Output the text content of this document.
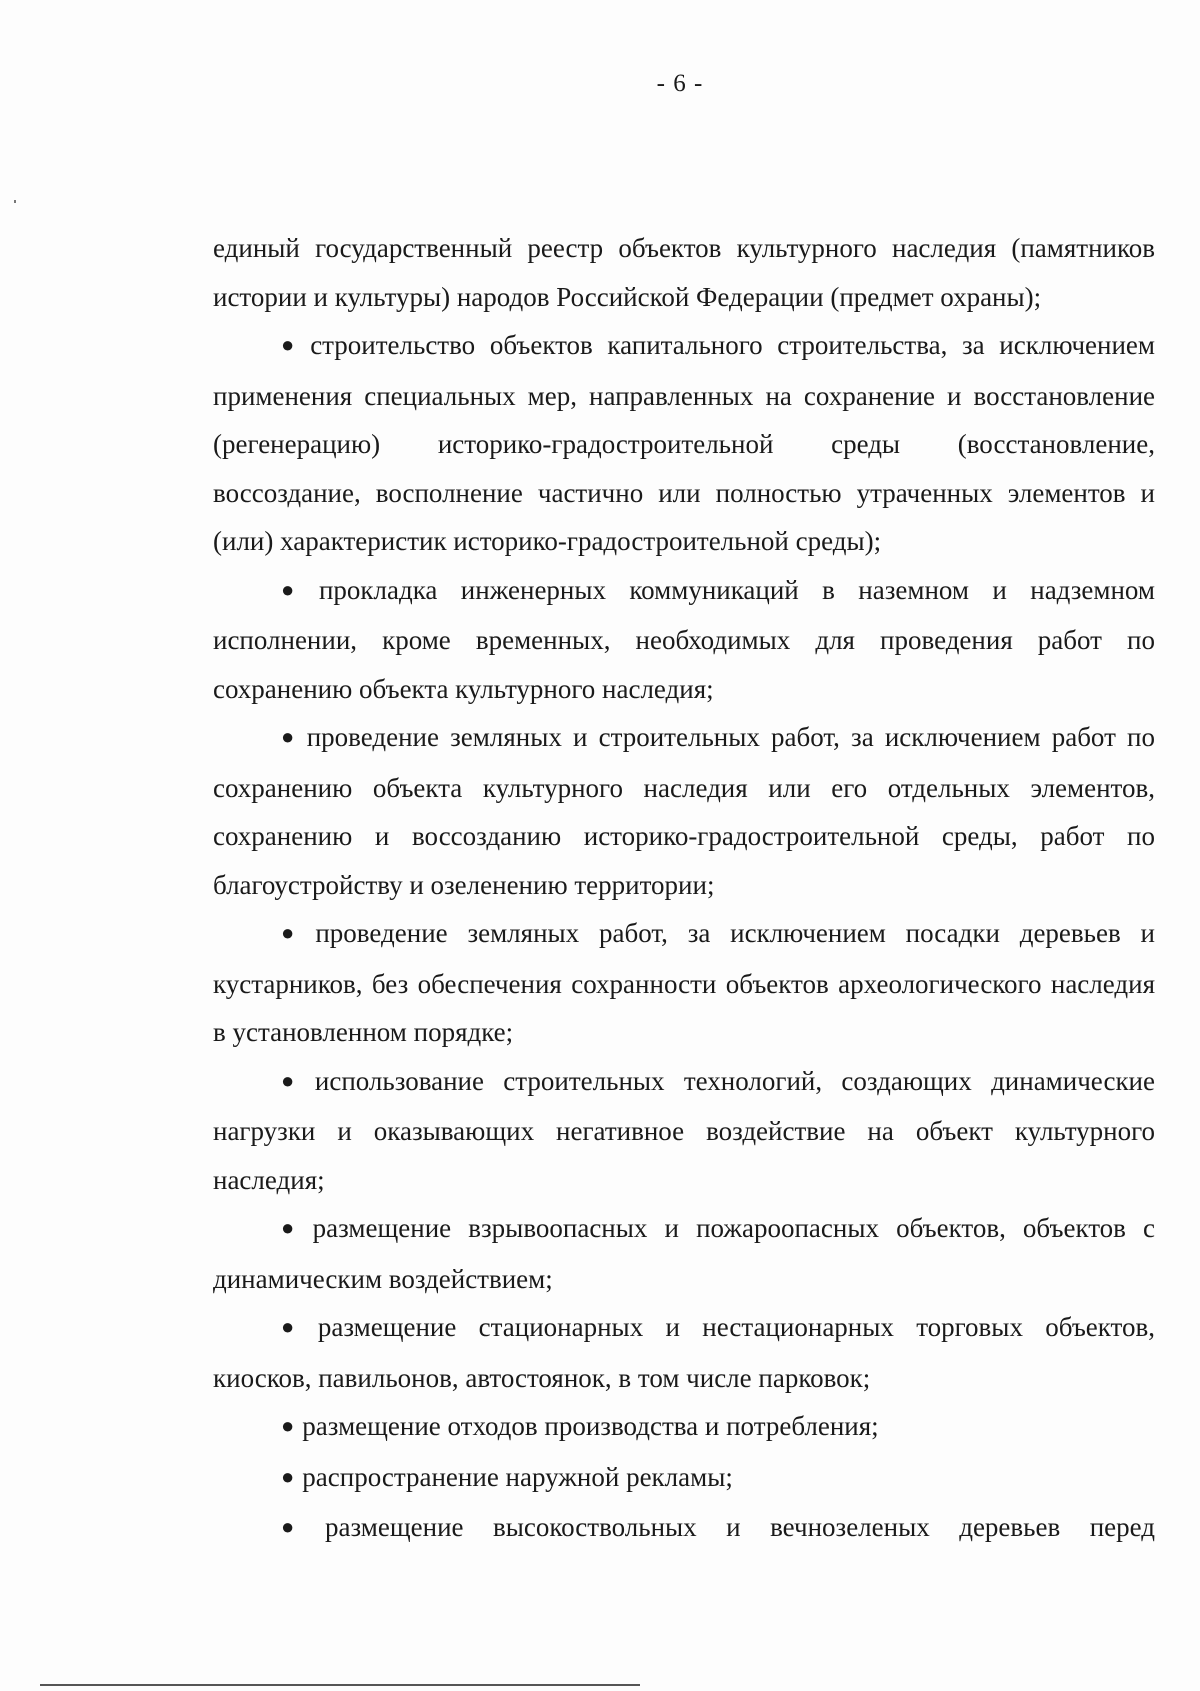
- 6 -

единый государственный реестр объектов культурного наследия (памятников истории и культуры) народов Российской Федерации (предмет охраны);

● строительство объектов капитального строительства, за исключением применения специальных мер, направленных на сохранение и восстановление (регенерацию) историко-градостроительной среды (восстановление, воссоздание, восполнение частично или полностью утраченных элементов и (или) характеристик историко-градостроительной среды);

● прокладка инженерных коммуникаций в наземном и надземном исполнении, кроме временных, необходимых для проведения работ по сохранению объекта культурного наследия;

● проведение земляных и строительных работ, за исключением работ по сохранению объекта культурного наследия или его отдельных элементов, сохранению и воссозданию историко-градостроительной среды, работ по благоустройству и озеленению территории;

● проведение земляных работ, за исключением посадки деревьев и кустарников, без обеспечения сохранности объектов археологического наследия в установленном порядке;

● использование строительных технологий, создающих динамические нагрузки и оказывающих негативное воздействие на объект культурного наследия;

● размещение взрывоопасных и пожароопасных объектов, объектов с динамическим воздействием;

● размещение стационарных и нестационарных торговых объектов, киосков, павильонов, автостоянок, в том числе парковок;

● размещение отходов производства и потребления;

● распространение наружной рекламы;

● размещение высокоствольных и вечнозеленых деревьев перед
